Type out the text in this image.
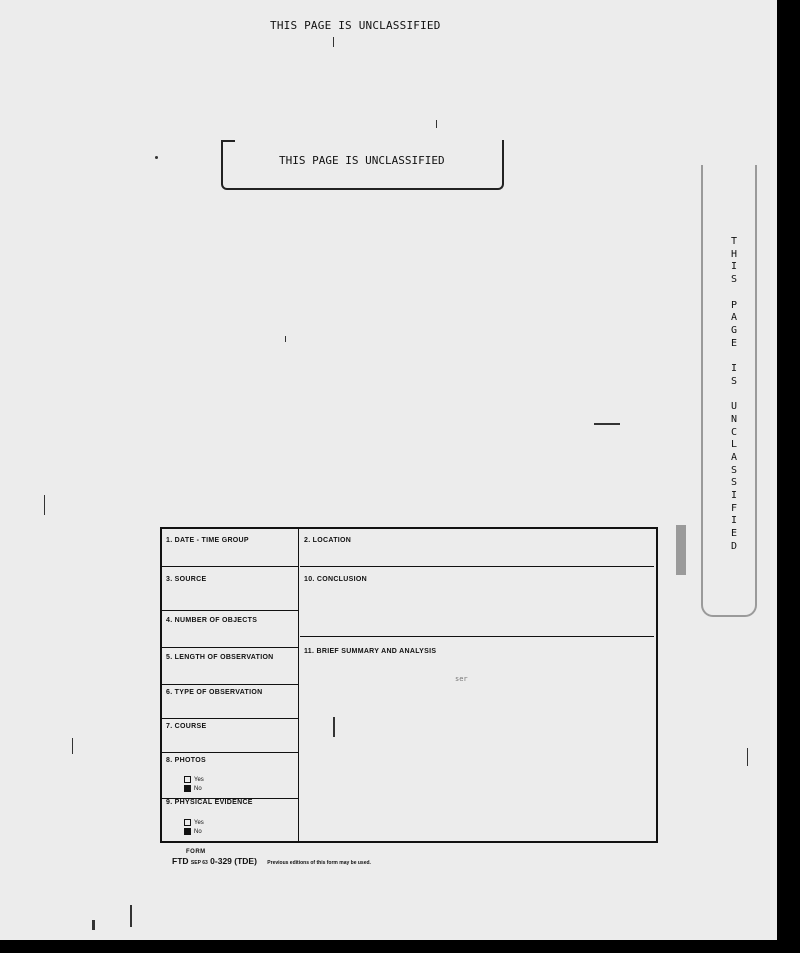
THIS PAGE IS UNCLASSIFIED
THIS PAGE IS UNCLASSIFIED
T
H
I
S

P
A
G
E

I
S

U
N
C
L
A
S
S
I
F
I
E
D
1. DATE - TIME GROUP
3. SOURCE
4. NUMBER OF OBJECTS
5. LENGTH OF OBSERVATION
6. TYPE OF OBSERVATION
7. COURSE
8. PHOTOS
Yes
No
9. PHYSICAL EVIDENCE
Yes
No
2. LOCATION
10. CONCLUSION
11. BRIEF SUMMARY AND ANALYSIS
ser
FORM
FTD SEP 63 0-329 (TDE) Previous editions of this form may be used.
